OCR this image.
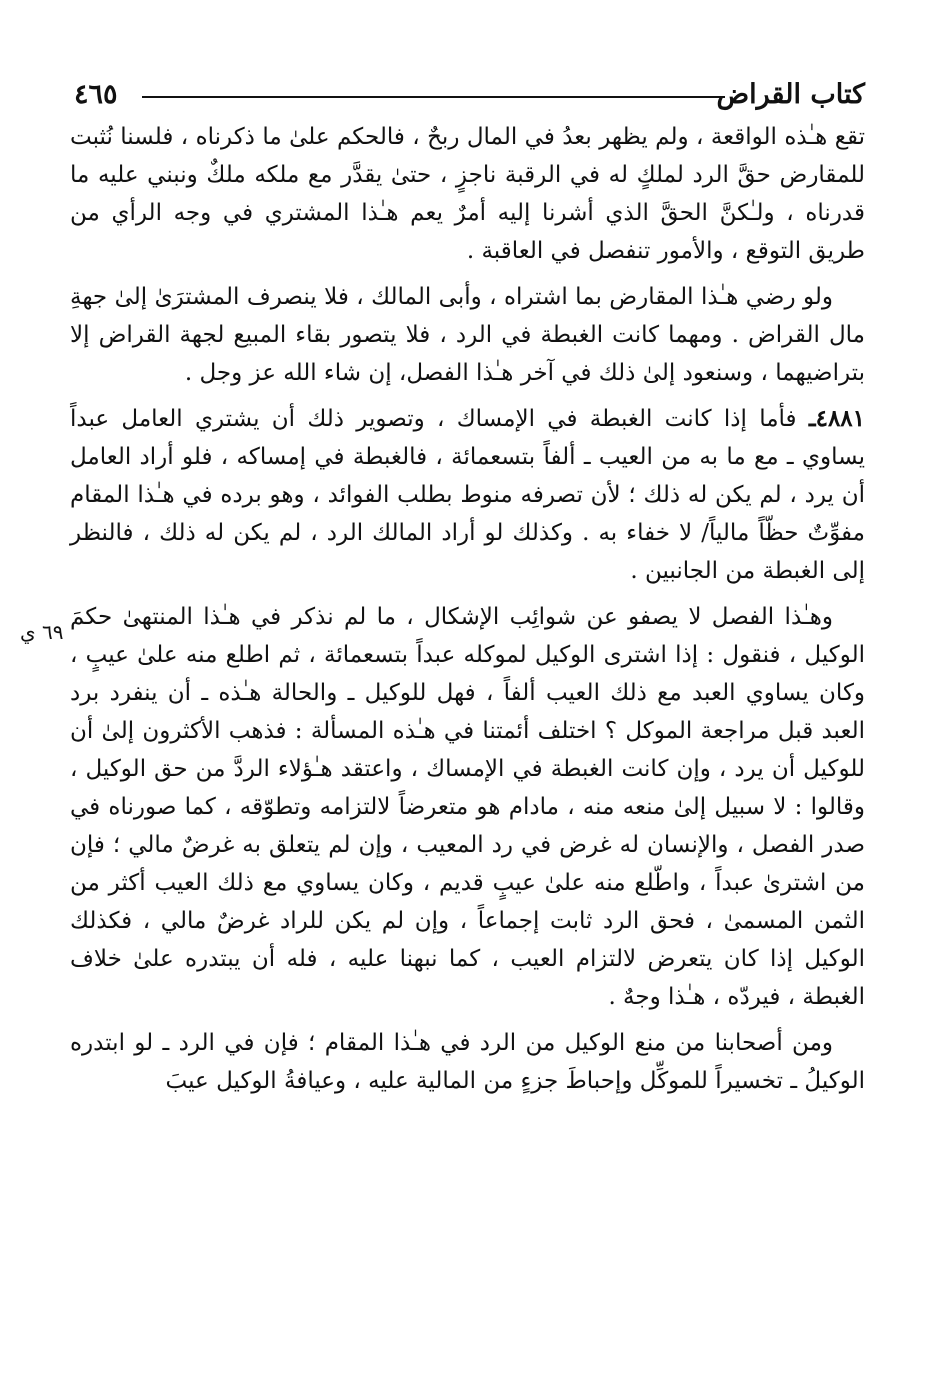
كتاب القراض
٤٦٥

تقع هـٰذه الواقعة ، ولم يظهر بعدُ في المال ربحٌ ، فالحكم علىٰ ما ذكرناه ، فلسنا نُثبت للمقارض حقَّ الرد لملكٍ له في الرقبة ناجزٍ ، حتىٰ يقدَّر مع ملكه ملكٌ ونبني عليه ما قدرناه ، ولـٰكنَّ الحقَّ الذي أشرنا إليه أمرٌ يعم هـٰذا المشتري في وجه الرأي من طريق التوقع ، والأمور تنفصل في العاقبة .

ولو رضي هـٰذا المقارض بما اشتراه ، وأبى المالك ، فلا ينصرف المشترَىٰ إلىٰ جهةِ مال القراض . ومهما كانت الغبطة في الرد ، فلا يتصور بقاء المبيع لجهة القراض إلا بتراضيهما ، وسنعود إلىٰ ذلك في آخر هـٰذا الفصل، إن شاء الله عز وجل .

٤٨٨١ـ فأما إذا كانت الغبطة في الإمساك ، وتصوير ذلك أن يشتري العامل عبداً يساوي ـ مع ما به من العيب ـ ألفاً بتسعمائة ، فالغبطة في إمساكه ، فلو أراد العامل أن يرد ، لم يكن له ذلك ؛ لأن تصرفه منوط بطلب الفوائد ، وهو برده في هـٰذا المقام مفوِّتٌ حظّاً مالياً/ لا خفاء به . وكذلك لو أراد المالك الرد ، لم يكن له ذلك ، فالنظر إلى الغبطة من الجانبين .

وهـٰذا الفصل لا يصفو عن شوائِب الإشكال ، ما لم نذكر في هـٰذا المنتهىٰ حكمَ الوكيل ، فنقول : إذا اشترى الوكيل لموكله عبداً بتسعمائة ، ثم اطلع منه علىٰ عيبٍ ، وكان يساوي العبد مع ذلك العيب ألفاً ، فهل للوكيل ـ والحالة هـٰذه ـ أن ينفرد برد العبد قبل مراجعة الموكل ؟ اختلف أئمتنا في هـٰذه المسألة : فذهب الأكثرون إلىٰ أن للوكيل أن يرد ، وإن كانت الغبطة في الإمساك ، واعتقد هـٰؤلاء الردَّ من حق الوكيل ، وقالوا : لا سبيل إلىٰ منعه منه ، مادام هو متعرضاً لالتزامه وتطوّقه ، كما صورناه في صدر الفصل ، والإنسان له غرض في رد المعيب ، وإن لم يتعلق به غرضٌ مالي ؛ فإن من اشترىٰ عبداً ، واطّلع منه علىٰ عيبٍ قديم ، وكان يساوي مع ذلك العيب أكثر من الثمن المسمىٰ ، فحق الرد ثابت إجماعاً ، وإن لم يكن للراد غرضٌ مالي ، فكذلك الوكيل إذا كان يتعرض لالتزام العيب ، كما نبهنا عليه ، فله أن يبتدره علىٰ خلاف الغبطة ، فيردّه ، هـٰذا وجهٌ .

ومن أصحابنا من منع الوكيل من الرد في هـٰذا المقام ؛ فإن في الرد ـ لو ابتدره الوكيلُ ـ تخسيراً للموكِّل وإحباطَ جزءٍ من المالية عليه ، وعيافةُ الوكيل عيبَ

٦٩ ي
